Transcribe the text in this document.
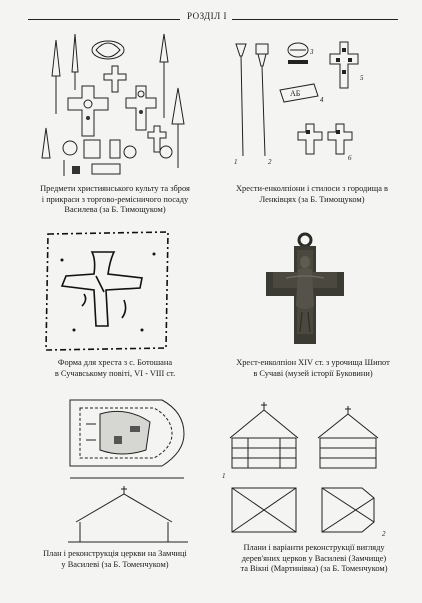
РОЗДІЛ I
Предмети християнського культу та зброя
і прикраси з торгово-ремісничого посаду
Василева (за Б. Тимощуком)
1	2
3
4
5
6
АБ
Хрести-енколпіони і стилоси з городища в
Ленківцях (за Б. Тимощуком)
Форма для хреста з с. Ботошана
в Сучавському повіті, VI - VIII ст.
Хрест-енколпіон XIV ст. з урочища Шипот
в Сучаві (музей історії Буковини)
План і реконструкція церкви на Замчиці
у Василеві (за Б. Томенчуком)
1
2
Плани і варіанти реконструкції вигляду
дерев'яних церков у Василеві (Замчище)
та Вікні (Мартинівка) (за Б. Томенчуком)
